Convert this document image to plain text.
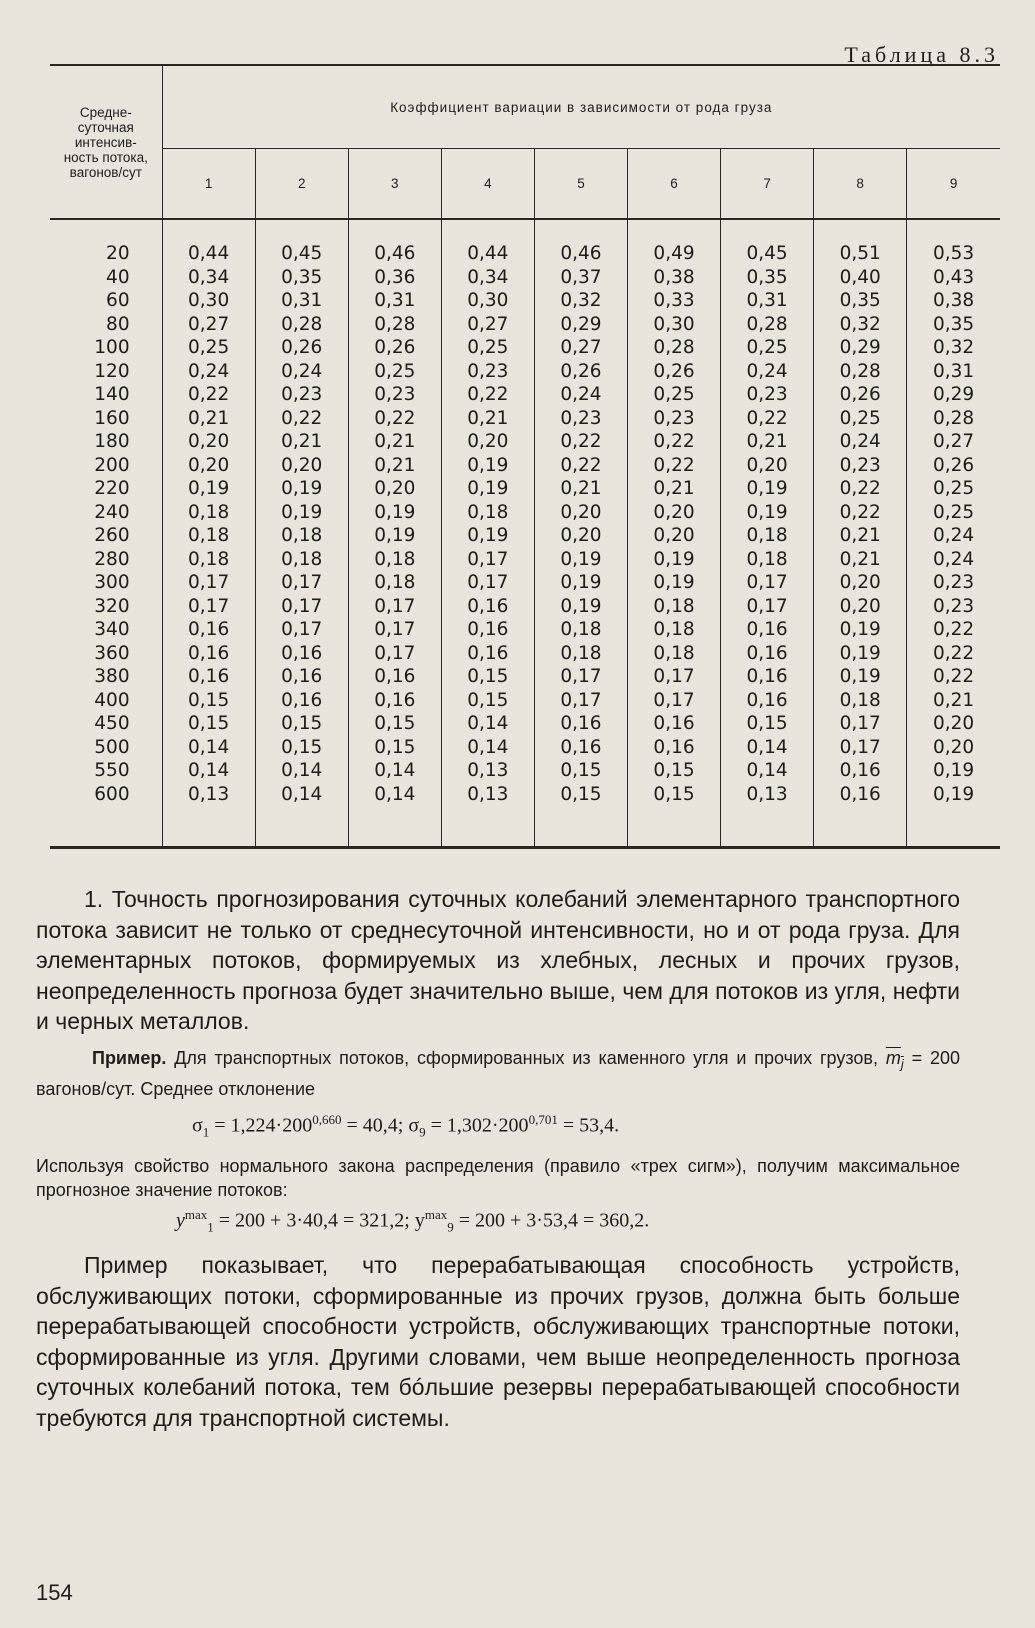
Таблица 8.3
Средне-суточная интенсив-ность потока, вагонов/сут	Коэффициент вариации в зависимости от рода груза								
	1	2	3	4	5	6	7	8	9
20	0,44	0,45	0,46	0,44	0,46	0,49	0,45	0,51	0,53
40	0,34	0,35	0,36	0,34	0,37	0,38	0,35	0,40	0,43
60	0,30	0,31	0,31	0,30	0,32	0,33	0,31	0,35	0,38
80	0,27	0,28	0,28	0,27	0,29	0,30	0,28	0,32	0,35
100	0,25	0,26	0,26	0,25	0,27	0,28	0,25	0,29	0,32
120	0,24	0,24	0,25	0,23	0,26	0,26	0,24	0,28	0,31
140	0,22	0,23	0,23	0,22	0,24	0,25	0,23	0,26	0,29
160	0,21	0,22	0,22	0,21	0,23	0,23	0,22	0,25	0,28
180	0,20	0,21	0,21	0,20	0,22	0,22	0,21	0,24	0,27
200	0,20	0,20	0,21	0,19	0,22	0,22	0,20	0,23	0,26
220	0,19	0,19	0,20	0,19	0,21	0,21	0,19	0,22	0,25
240	0,18	0,19	0,19	0,18	0,20	0,20	0,19	0,22	0,25
260	0,18	0,18	0,19	0,19	0,20	0,20	0,18	0,21	0,24
280	0,18	0,18	0,18	0,17	0,19	0,19	0,18	0,21	0,24
300	0,17	0,17	0,18	0,17	0,19	0,19	0,17	0,20	0,23
320	0,17	0,17	0,17	0,16	0,19	0,18	0,17	0,20	0,23
340	0,16	0,17	0,17	0,16	0,18	0,18	0,16	0,19	0,22
360	0,16	0,16	0,17	0,16	0,18	0,18	0,16	0,19	0,22
380	0,16	0,16	0,16	0,15	0,17	0,17	0,16	0,19	0,22
400	0,15	0,16	0,16	0,15	0,17	0,17	0,16	0,18	0,21
450	0,15	0,15	0,15	0,14	0,16	0,16	0,15	0,17	0,20
500	0,14	0,15	0,15	0,14	0,16	0,16	0,14	0,17	0,20
550	0,14	0,14	0,14	0,13	0,15	0,15	0,14	0,16	0,19
600	0,13	0,14	0,14	0,13	0,15	0,15	0,13	0,16	0,19
1. Точность прогнозирования суточных колебаний элементарного транспортного потока зависит не только от среднесуточной интенсивности, но и от рода груза. Для элементарных потоков, формируемых из хлебных, лесных и прочих грузов, неопределенность прогноза будет значительно выше, чем для потоков из угля, нефти и черных металлов.
Пример. Для транспортных потоков, сформированных из каменного угля и прочих грузов, $m_j = 200$ вагонов/сут. Среднее отклонение
$\sigma_1 = 1,224\cdot 200^{0,660} = 40,4$; $\sigma_9 = 1,302\cdot 200^{0,701} = 53,4$.
Используя свойство нормального закона распределения (правило «трех сигм»), получим максимальное прогнозное значение потоков:
$y^{max}_1 = 200 + 3\cdot 40,4 = 321,2$; $y^{max}_9 = 200 + 3\cdot 53,4 = 360,2$.
Пример показывает, что перерабатывающая способность устройств, обслуживающих потоки, сформированные из прочих грузов, должна быть больше перерабатывающей способности устройств, обслуживающих транспортные потоки, сформированные из угля. Другими словами, чем выше неопределенность прогноза суточных колебаний потока, тем бóльшие резервы перерабатывающей способности требуются для транспортной системы.
154
